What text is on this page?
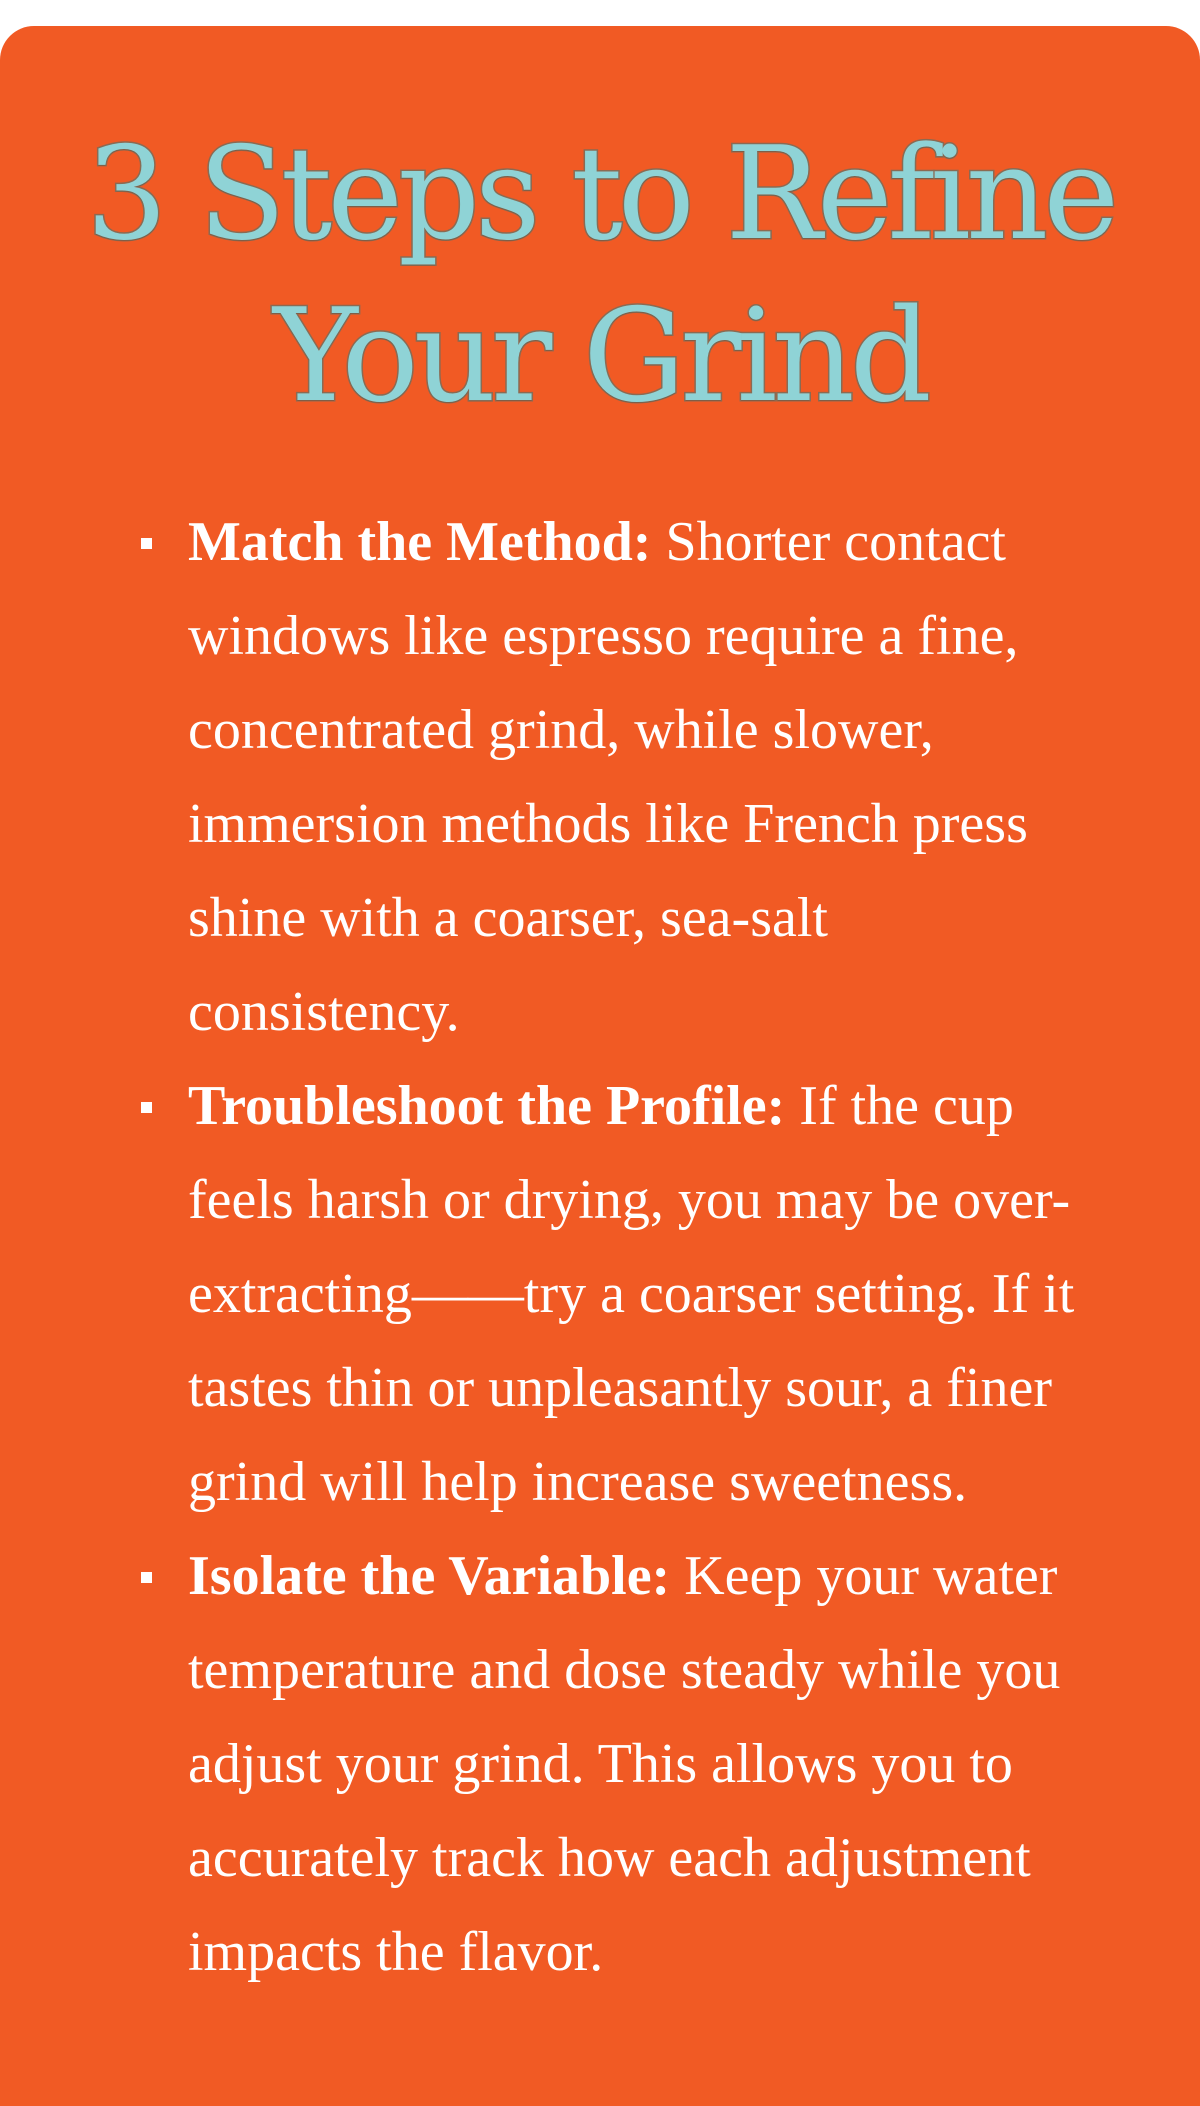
3 Steps to Refine
Your Grind
Match the Method: Shorter contact windows like espresso require a fine, concentrated grind, while slower, immersion methods like French press shine with a coarser, sea-salt consistency.
Troubleshoot the Profile: If the cup feels harsh or drying, you may be over-extracting——try a coarser setting. If it tastes thin or unpleasantly sour, a finer grind will help increase sweetness.
Isolate the Variable: Keep your water temperature and dose steady while you adjust your grind. This allows you to accurately track how each adjustment impacts the flavor.
